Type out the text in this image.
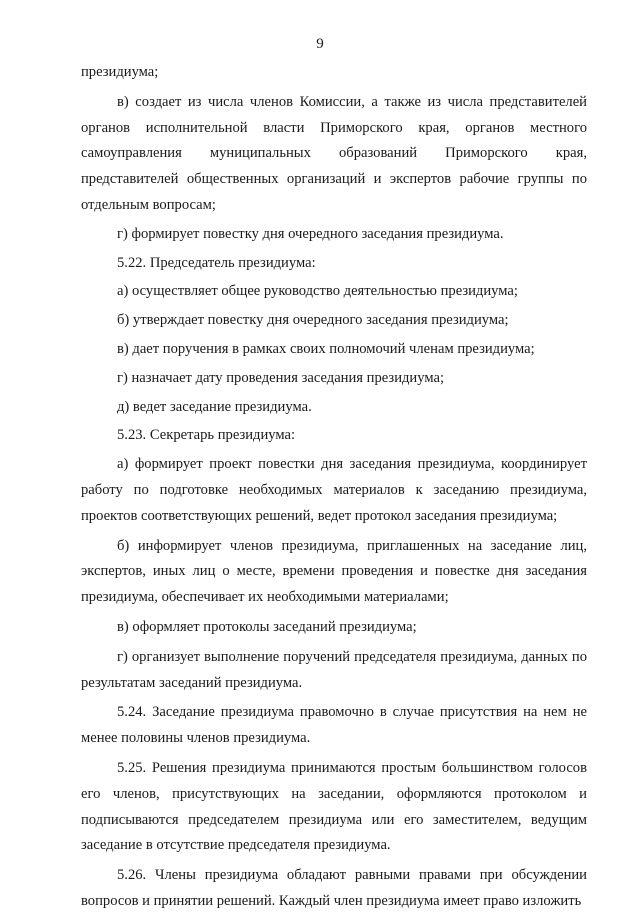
9

президиума;

в) создает из числа членов Комиссии, а также из числа представителей органов исполнительной власти Приморского края, органов местного самоуправления муниципальных образований Приморского края, представителей общественных организаций и экспертов рабочие группы по отдельным вопросам;

г) формирует повестку дня очередного заседания президиума.

5.22. Председатель президиума:

а) осуществляет общее руководство деятельностью президиума;

б) утверждает повестку дня очередного заседания президиума;

в) дает поручения в рамках своих полномочий членам президиума;

г) назначает дату проведения заседания президиума;

д) ведет заседание президиума.

5.23. Секретарь президиума:

а) формирует проект повестки дня заседания президиума, координирует работу по подготовке необходимых материалов к заседанию президиума, проектов соответствующих решений, ведет протокол заседания президиума;

б) информирует членов президиума, приглашенных на заседание лиц, экспертов, иных лиц о месте, времени проведения и повестке дня заседания президиума, обеспечивает их необходимыми материалами;

в) оформляет протоколы заседаний президиума;

г) организует выполнение поручений председателя президиума, данных по результатам заседаний президиума.

5.24. Заседание президиума правомочно в случае присутствия на нем не менее половины членов президиума.

5.25. Решения президиума принимаются простым большинством голосов его членов, присутствующих на заседании, оформляются протоколом и подписываются председателем президиума или его заместителем, ведущим заседание в отсутствие председателя президиума.

5.26. Члены президиума обладают равными правами при обсуждении вопросов и принятии решений. Каждый член президиума имеет право изложить
